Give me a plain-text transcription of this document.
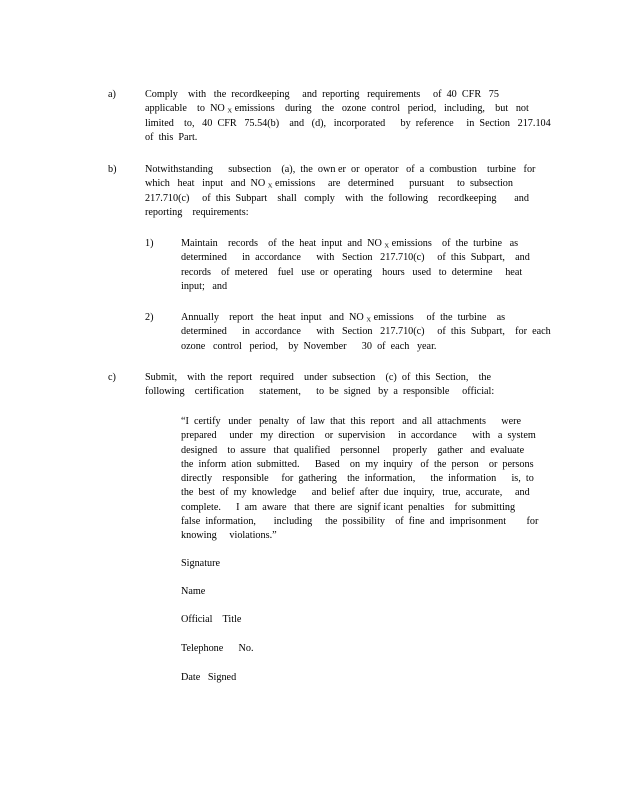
a)	Comply    with   the  recordkeeping     and  reporting   requirements     of  40  CFR   75
applicable    to  NO $_X$ emissions    during    the   ozone  control   period,   including,    but   not
limited    to,   40  CFR   75.54(b)    and   (d),   incorporated      by  reference     in  Section   217.104
of  this  Part.
b)	Notwithstanding      subsection    (a),  the  own er  or  operator   of  a  combustion    turbine   for
which   heat   input   and  NO $_X$ emissions     are   determined      pursuant     to  subsection
217.710(c)     of  this  Subpart    shall   comply    with   the  following    recordkeeping       and
reporting    requirements:
1)	Maintain    records    of  the  heat  input  and  NO $_X$ emissions    of  the  turbine   as
determined      in  accordance      with   Section   217.710(c)     of  this  Subpart,    and
records    of  metered    fuel   use  or  operating    hours   used   to  determine     heat
input;   and
2)	Annually    report   the  heat  input   and  NO $_X$ emissions     of  the  turbine    as
determined      in  accordance      with   Section   217.710(c)     of  this  Subpart,    for  each
ozone   control   period,    by  November      30  of  each   year.
c)	Submit,    with  the  report   required    under  subsection    (c)  of  this  Section,    the
following    certification      statement,      to  be  signed   by  a  responsible     official:
“I  certify   under   penalty   of  law  that  this  report   and  all  attachments      were
prepared     under   my  direction    or  supervision     in  accordance      with   a  system
designed    to  assure   that  qualified    personnel     properly    gather   and  evaluate
the  inform  ation  submitted.      Based    on  my  inquiry   of  the  person    or  persons
directly    responsible     for  gathering    the  information,      the  information      is,  to
the  best  of  my  knowledge      and  belief  after  due  inquiry,   true,  accurate,     and
complete.      I  am  aware   that  there  are  signif icant  penalties    for  submitting
false  information,       including     the  possibility    of  fine  and  imprisonment        for
knowing     violations.”
Signature
Name
Official    Title
Telephone      No.
Date   Signed
